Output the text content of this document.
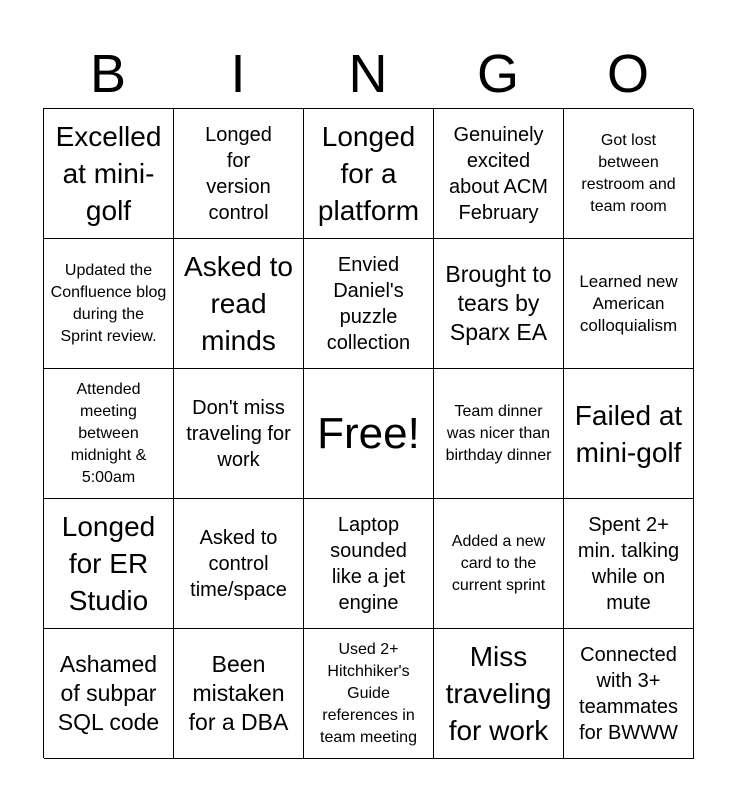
B	I	N	G	O
Excelled at mini-golf
Longed for version control
Longed for a platform
Genuinely excited about ACM February
Got lost between restroom and team room
Updated the Confluence blog during the Sprint review.
Asked to read minds
Envied Daniel's puzzle collection
Brought to tears by Sparx EA
Learned new American colloquialism
Attended meeting between midnight & 5:00am
Don't miss traveling for work
Free!	Team dinner was nicer than birthday dinner
Failed at mini-golf
Longed for ER Studio
Asked to control time/space
Laptop sounded like a jet engine
Added a new card to the current sprint
Spent 2+ min. talking while on mute
Ashamed of subpar SQL code
Been mistaken for a DBA
Used 2+ Hitchhiker's Guide references in team meeting
Miss traveling for work
Connected with 3+ teammates for BWWW
